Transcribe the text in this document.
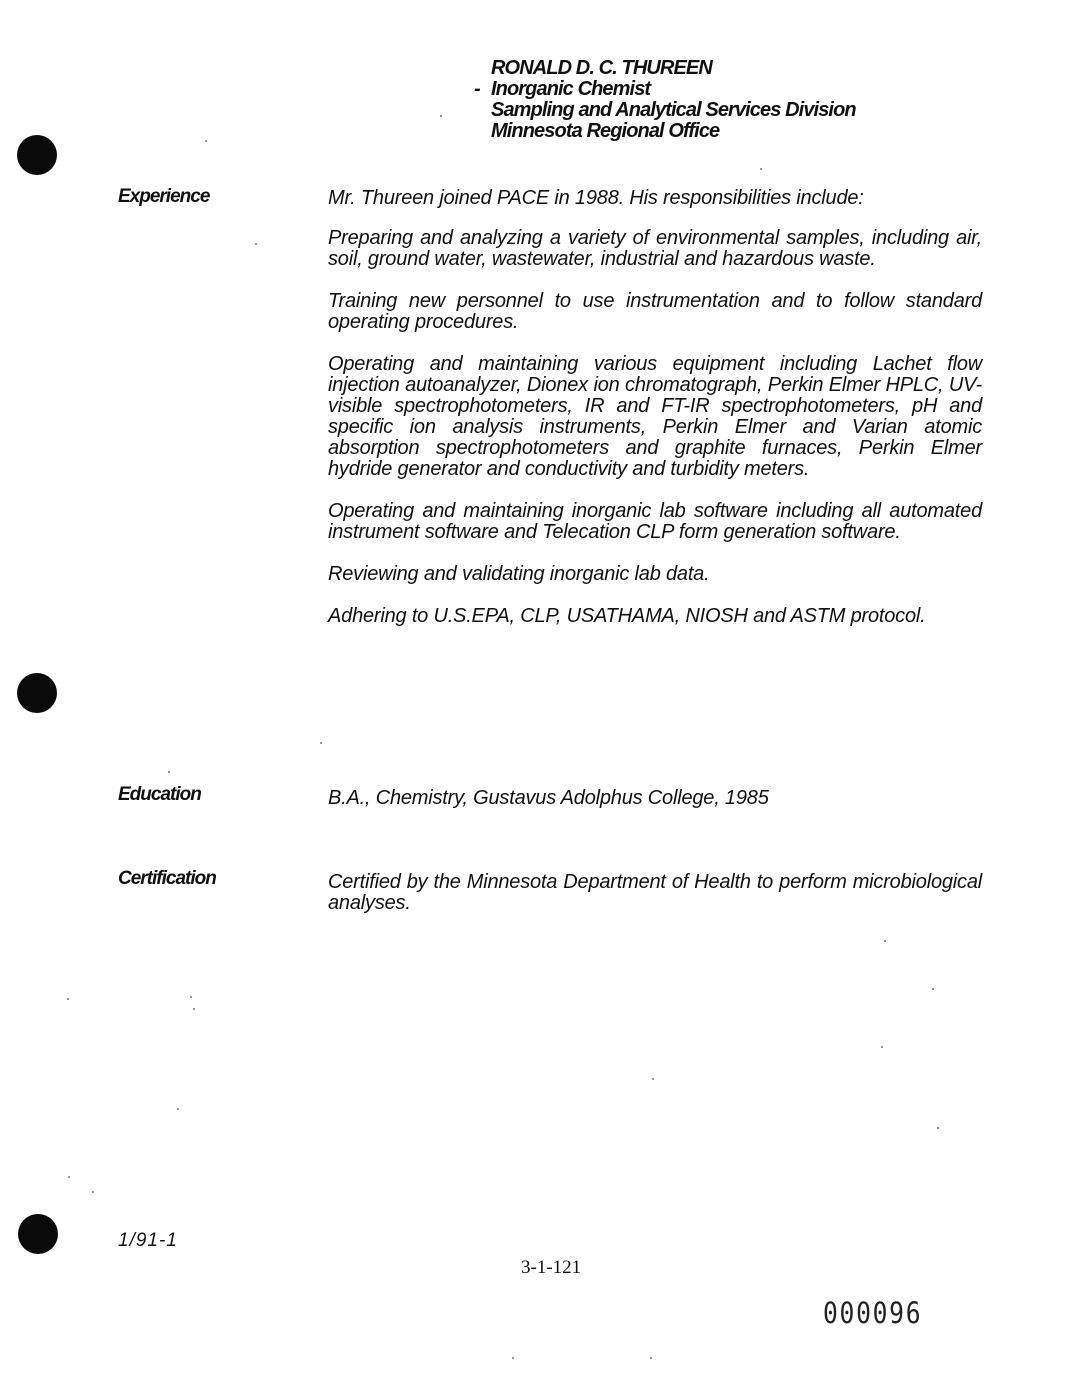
RONALD D. C. THUREEN
- Inorganic Chemist
Sampling and Analytical Services Division
Minnesota Regional Office
Experience	Mr. Thureen joined PACE in 1988. His responsibilities include:

Preparing and analyzing a variety of environmental samples, including air, soil, ground water, wastewater, industrial and hazardous waste.

Training new personnel to use instrumentation and to follow standard operating procedures.

Operating and maintaining various equipment including Lachet flow injection autoanalyzer, Dionex ion chromatograph, Perkin Elmer HPLC, UV-visible spectrophotometers, IR and FT-IR spectrophotometers, pH and specific ion analysis instruments, Perkin Elmer and Varian atomic absorption spectrophotometers and graphite furnaces, Perkin Elmer hydride generator and conductivity and turbidity meters.

Operating and maintaining inorganic lab software including all automated instrument software and Telecation CLP form generation software.

Reviewing and validating inorganic lab data.

Adhering to U.S.EPA, CLP, USATHAMA, NIOSH and ASTM protocol.

Education	B.A., Chemistry, Gustavus Adolphus College, 1985

Certification	Certified by the Minnesota Department of Health to perform microbiological analyses.

1/91-1
3-1-121
000096
